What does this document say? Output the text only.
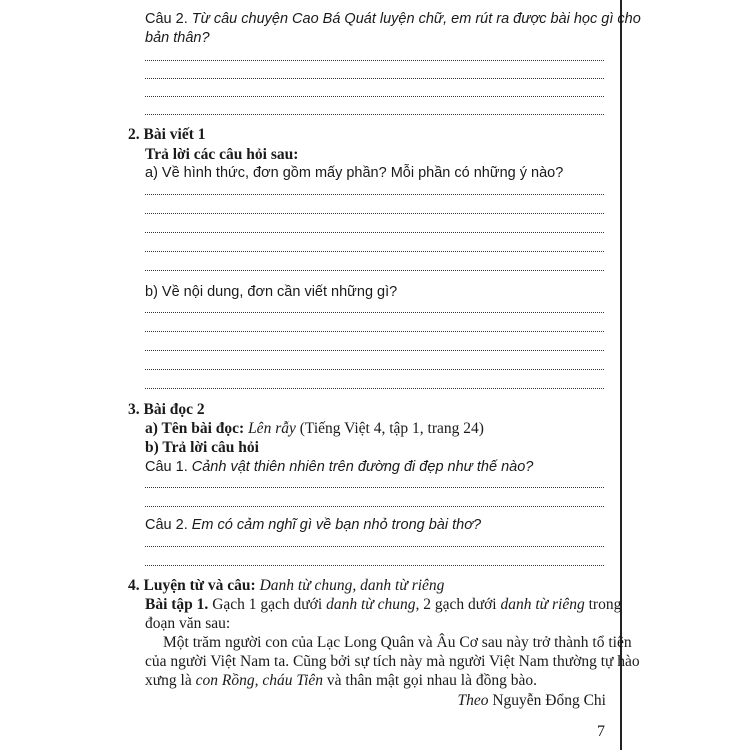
Câu 2. Từ câu chuyện Cao Bá Quát luyện chữ, em rút ra được bài học gì cho
bản thân?
2. Bài viết 1
Trả lời các câu hỏi sau:
a) Về hình thức, đơn gồm mấy phần? Mỗi phần có những ý nào?
b) Về nội dung, đơn cần viết những gì?
3. Bài đọc 2
a) Tên bài đọc: Lên rẫy (Tiếng Việt 4, tập 1, trang 24)
b) Trả lời câu hỏi
Câu 1. Cảnh vật thiên nhiên trên đường đi đẹp như thế nào?
Câu 2. Em có cảm nghĩ gì về bạn nhỏ trong bài thơ?
4. Luyện từ và câu: Danh từ chung, danh từ riêng
Bài tập 1. Gạch 1 gạch dưới danh từ chung, 2 gạch dưới danh từ riêng trong
đoạn văn sau:
Một trăm người con của Lạc Long Quân và Âu Cơ sau này trở thành tổ tiên
của người Việt Nam ta. Cũng bởi sự tích này mà người Việt Nam thường tự hào
xưng là con Rồng, cháu Tiên và thân mật gọi nhau là đồng bào.
Theo Nguyễn Đổng Chi
7
